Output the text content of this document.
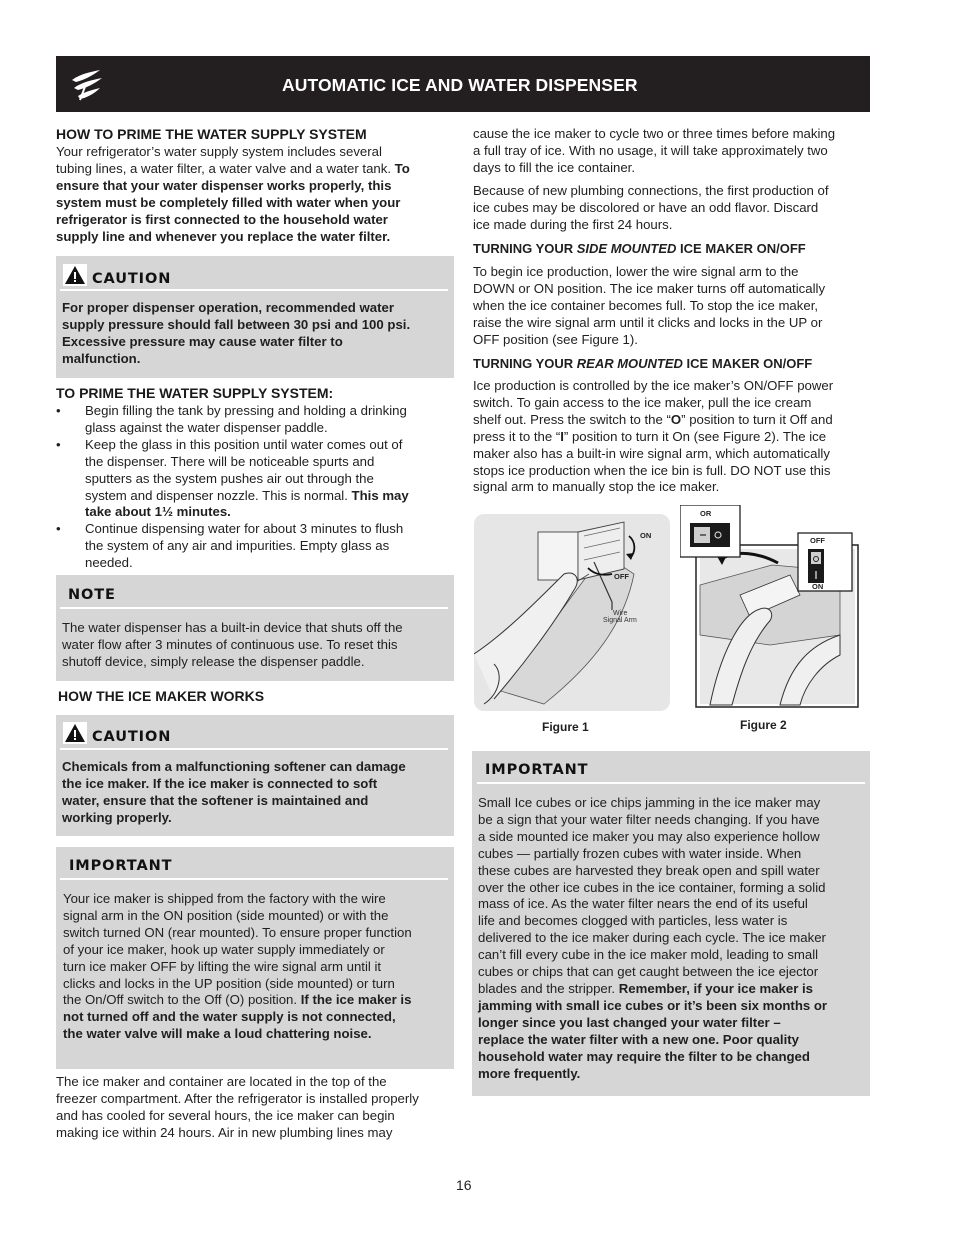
AUTOMATIC ICE AND WATER DISPENSER
HOW TO PRIME THE WATER SUPPLY SYSTEM
Your refrigerator’s water supply system includes several
tubing lines, a water filter, a water valve and a water tank. To
ensure that your water dispenser works properly, this
system must be completely filled with water when your
refrigerator is first connected to the household water
supply line and whenever you replace the water filter.
CAUTION
For proper dispenser operation, recommended water
supply pressure should fall between 30 psi and 100 psi.
Excessive pressure may cause water filter to
malfunction.
TO PRIME THE WATER SUPPLY SYSTEM:
• Begin filling the tank by pressing and holding a drinking
glass against the water dispenser paddle.
• Keep the glass in this position until water comes out of
the dispenser. There will be noticeable spurts and
sputters as the system pushes air out through the
system and dispenser nozzle. This is normal. This may
take about 1½ minutes.
• Continue dispensing water for about 3 minutes to flush
the system of any air and impurities. Empty glass as
needed.
NOTE
The water dispenser has a built-in device that shuts off the
water flow after 3 minutes of continuous use. To reset this
shutoff device, simply release the dispenser paddle.
HOW THE ICE MAKER WORKS
CAUTION
Chemicals from a malfunctioning softener can damage
the ice maker. If the ice maker is connected to soft
water, ensure that the softener is maintained and
working properly.
IMPORTANT
Your ice maker is shipped from the factory with the wire
signal arm in the ON position (side mounted) or with the
switch turned ON (rear mounted). To ensure proper function
of your ice maker, hook up water supply immediately or
turn ice maker OFF by lifting the wire signal arm until it
clicks and locks in the UP position (side mounted) or turn
the On/Off switch to the Off (O) position. If the ice maker is
not turned off and the water supply is not connected,
the water valve will make a loud chattering noise.
The ice maker and container are located in the top of the
freezer compartment. After the refrigerator is installed properly
and has cooled for several hours, the ice maker can begin
making ice within 24 hours. Air in new plumbing lines may
cause the ice maker to cycle two or three times before making
a full tray of ice. With no usage, it will take approximately two
days to fill the ice container.
Because of new plumbing connections, the first production of
ice cubes may be discolored or have an odd flavor. Discard
ice made during the first 24 hours.
TURNING YOUR SIDE MOUNTED ICE MAKER ON/OFF
To begin ice production, lower the wire signal arm to the
DOWN or ON position. The ice maker turns off automatically
when the ice container becomes full. To stop the ice maker,
raise the wire signal arm until it clicks and locks in the UP or
OFF position (see Figure 1).
TURNING YOUR REAR MOUNTED ICE MAKER ON/OFF
Ice production is controlled by the ice maker’s ON/OFF power
switch. To gain access to the ice maker, pull the ice cream
shelf out. Press the switch to the “O” position to turn it Off and
press it to the “I” position to turn it On (see Figure 2). The ice
maker also has a built-in wire signal arm, which automatically
stops ice production when the ice bin is full. DO NOT use this
signal arm to manually stop the ice maker.
ON
OFF
Wire
Signal Arm
Figure 1
OR
OFF
ON
Figure 2
IMPORTANT
Small Ice cubes or ice chips jamming in the ice maker may
be a sign that your water filter needs changing. If you have
a side mounted ice maker you may also experience hollow
cubes — partially frozen cubes with water inside. When
these cubes are harvested they break open and spill water
over the other ice cubes in the ice container, forming a solid
mass of ice. As the water filter nears the end of its useful
life and becomes clogged with particles, less water is
delivered to the ice maker during each cycle. The ice maker
can’t fill every cube in the ice maker mold, leading to small
cubes or chips that can get caught between the ice ejector
blades and the stripper. Remember, if your ice maker is
jamming with small ice cubes or it’s been six months or
longer since you last changed your water filter –
replace the water filter with a new one. Poor quality
household water may require the filter to be changed
more frequently.
16
